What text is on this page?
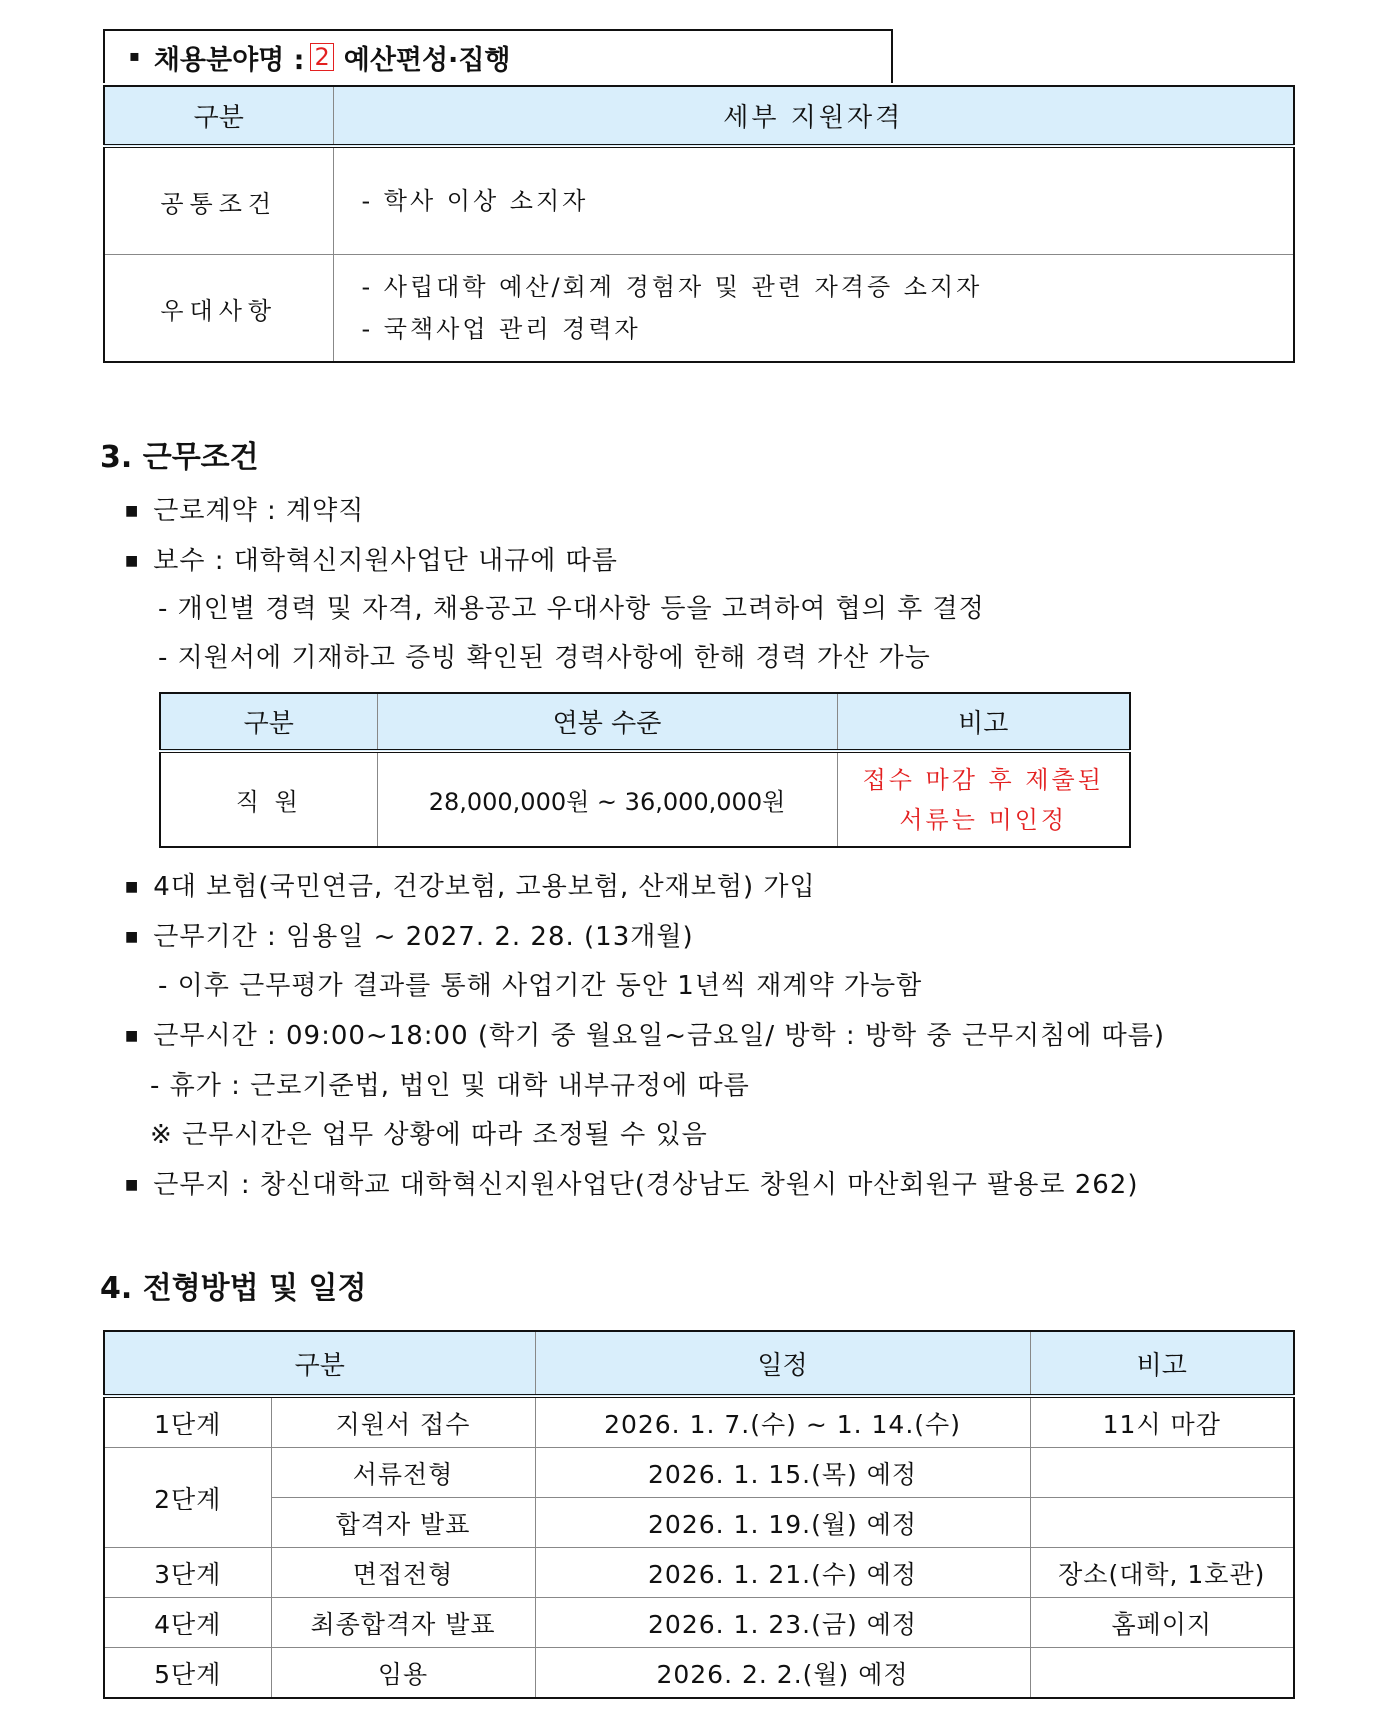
▪ 채용분야명 : 2 예산편성·집행
구분	세부 지원자격
공통조건	- 학사 이상 소지자

우대사항	- 사립대학 예산/회계 경험자 및 관련 자격증 소지자
- 국책사업 관리 경력자
3. 근무조건
■ 근로계약 : 계약직
■ 보수 : 대학혁신지원사업단 내규에 따름
- 개인별 경력 및 자격, 채용공고 우대사항 등을 고려하여 협의 후 결정
- 지원서에 기재하고 증빙 확인된 경력사항에 한해 경력 가산 가능
구분	연봉 수준	비고
직 원	28,000,000원 ~ 36,000,000원	접수 마감 후 제출된
서류는 미인정
■ 4대 보험(국민연금, 건강보험, 고용보험, 산재보험) 가입
■ 근무기간 : 임용일 ~ 2027. 2. 28. (13개월)
- 이후 근무평가 결과를 통해 사업기간 동안 1년씩 재계약 가능함
■ 근무시간 : 09:00~18:00 (학기 중 월요일~금요일/ 방학 : 방학 중 근무지침에 따름)
- 휴가 : 근로기준법, 법인 및 대학 내부규정에 따름
※ 근무시간은 업무 상황에 따라 조정될 수 있음
■ 근무지 : 창신대학교 대학혁신지원사업단(경상남도 창원시 마산회원구 팔용로 262)
4. 전형방법 및 일정
구분		일정	비고
1단계	지원서 접수	2026. 1. 7.(수) ~ 1. 14.(수)	11시 마감
2단계	서류전형	2026. 1. 15.(목) 예정	
	합격자 발표	2026. 1. 19.(월) 예정	
3단계	면접전형	2026. 1. 21.(수) 예정	장소(대학, 1호관)
4단계	최종합격자 발표	2026. 1. 23.(금) 예정	홈페이지
5단계	임용	2026. 2. 2.(월) 예정	
